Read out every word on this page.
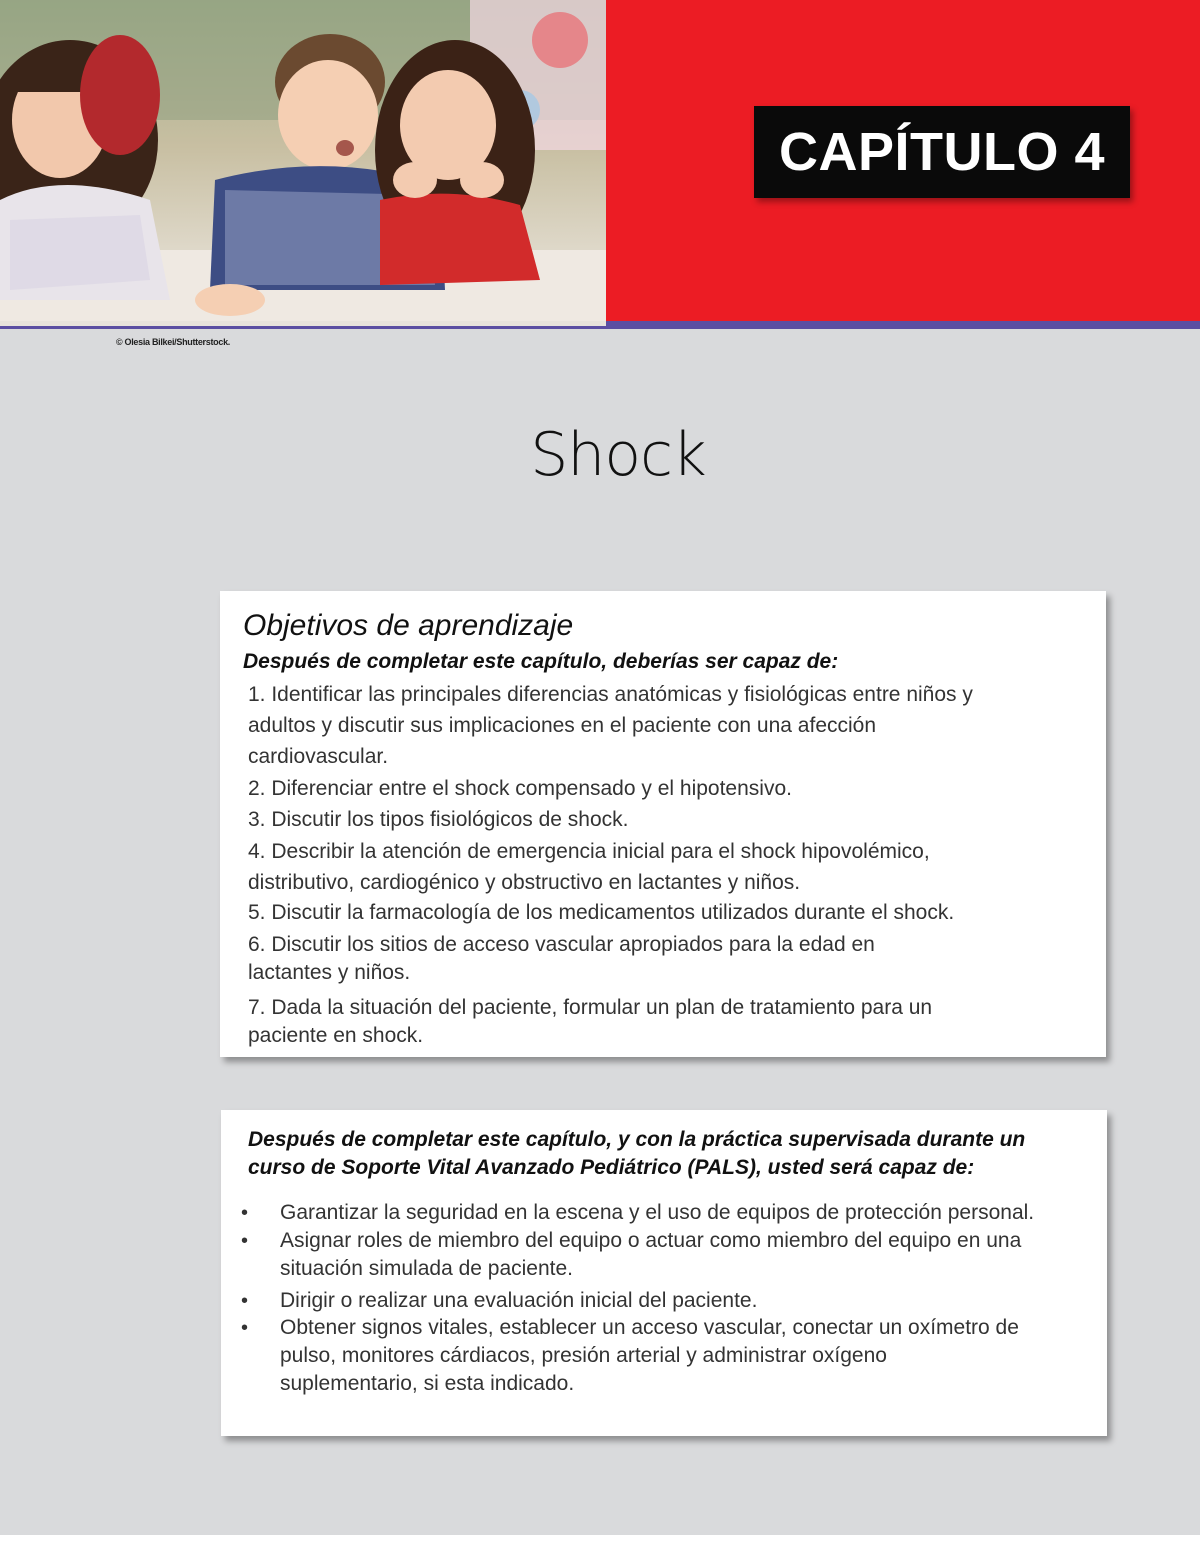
CAPÍTULO 4
© Olesia Bilkei/Shutterstock.
Shock
Objetivos de aprendizaje
Después de completar este capítulo, deberías ser capaz de:
1. Identificar las principales diferencias anatómicas y fisiológicas entre niños y
adultos y discutir sus implicaciones en el paciente con una afección
cardiovascular.
2. Diferenciar entre el shock compensado y el hipotensivo.
3. Discutir los tipos fisiológicos de shock.
4. Describir la atención de emergencia inicial para el shock hipovolémico,
distributivo, cardiogénico y obstructivo en lactantes y niños.
5. Discutir la farmacología de los medicamentos utilizados durante el shock.
6. Discutir los sitios de acceso vascular apropiados para la edad en
lactantes y niños.
7. Dada la situación del paciente, formular un plan de tratamiento para un
paciente en shock.
Después de completar este capítulo, y con la práctica supervisada durante un
curso de Soporte Vital Avanzado Pediátrico (PALS), usted será capaz de:
• Garantizar la seguridad en la escena y el uso de equipos de protección personal.
• Asignar roles de miembro del equipo o actuar como miembro del equipo en una
situación simulada de paciente.
• Dirigir o realizar una evaluación inicial del paciente.
• Obtener signos vitales, establecer un acceso vascular, conectar un oxímetro de
pulso, monitores cárdiacos, presión arterial y administrar oxígeno
suplementario, si esta indicado.
